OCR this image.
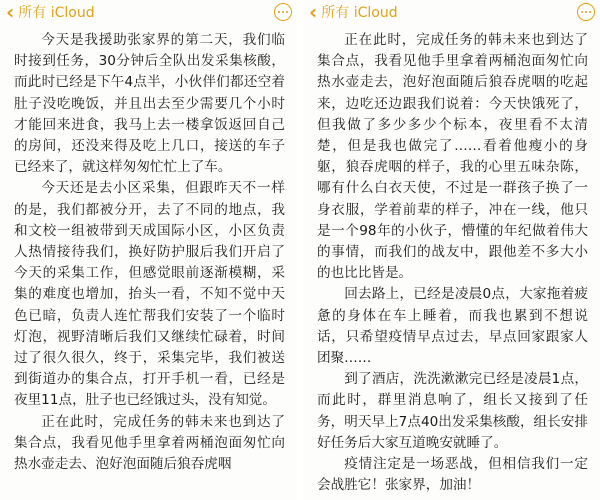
‹ 所有 iCloud

今天是我援助张家界的第二天，我们临时接到任务，30分钟后全队出发采集核酸，而此时已经是下午4点半，小伙伴们都还空着肚子没吃晚饭，并且出去至少需要几个小时才能回来进食，我马上去一楼拿饭返回自己的房间，还没来得及吃上几口，接送的车子已经来了，就这样匆匆忙忙上了车。

今天还是去小区采集，但跟昨天不一样的是，我们都被分开，去了不同的地点，我和文校一组被带到天成国际小区，小区负责人热情接待我们，换好防护服后我们开启了今天的采集工作，但感觉眼前逐渐模糊，采集的难度也增加，抬头一看，不知不觉中天色已暗，负责人连忙帮我们安装了一个临时灯泡，视野清晰后我们又继续忙碌着，时间过了很久很久，终于，采集完毕，我们被送到街道办的集合点，打开手机一看，已经是夜里11点，肚子也已经饿过头，没有知觉。

正在此时，完成任务的韩未来也到达了集合点，我看见他手里拿着两桶泡面匆忙向热水壶走去、泡好泡面随后狼吞虎咽

‹ 所有 iCloud

正在此时，完成任务的韩未来也到达了集合点，我看见他手里拿着两桶泡面匆忙向热水壶走去，泡好泡面随后狼吞虎咽的吃起来，边吃还边跟我们说着：今天快饿死了，但我做了多少多少个标本，夜里看不太清楚，但是我也做完了……看着他瘦小的身躯，狼吞虎咽的样子，我的心里五味杂陈，哪有什么白衣天使，不过是一群孩子换了一身衣服，学着前辈的样子，冲在一线，他只是一个98年的小伙子，懵懂的年纪做着伟大的事情，而我们的战友中，跟他差不多大小的也比比皆是。

回去路上，已经是凌晨0点，大家拖着疲惫的身体在车上睡着，而我也累到不想说话，只希望疫情早点过去，早点回家跟家人团聚……

到了酒店，洗洗漱漱完已经是凌晨1点，而此时，群里消息响了，组长又接到了任务，明天早上7点40出发采集核酸，组长安排好任务后大家互道晚安就睡了。

疫情注定是一场恶战，但相信我们一定会战胜它！张家界，加油！
